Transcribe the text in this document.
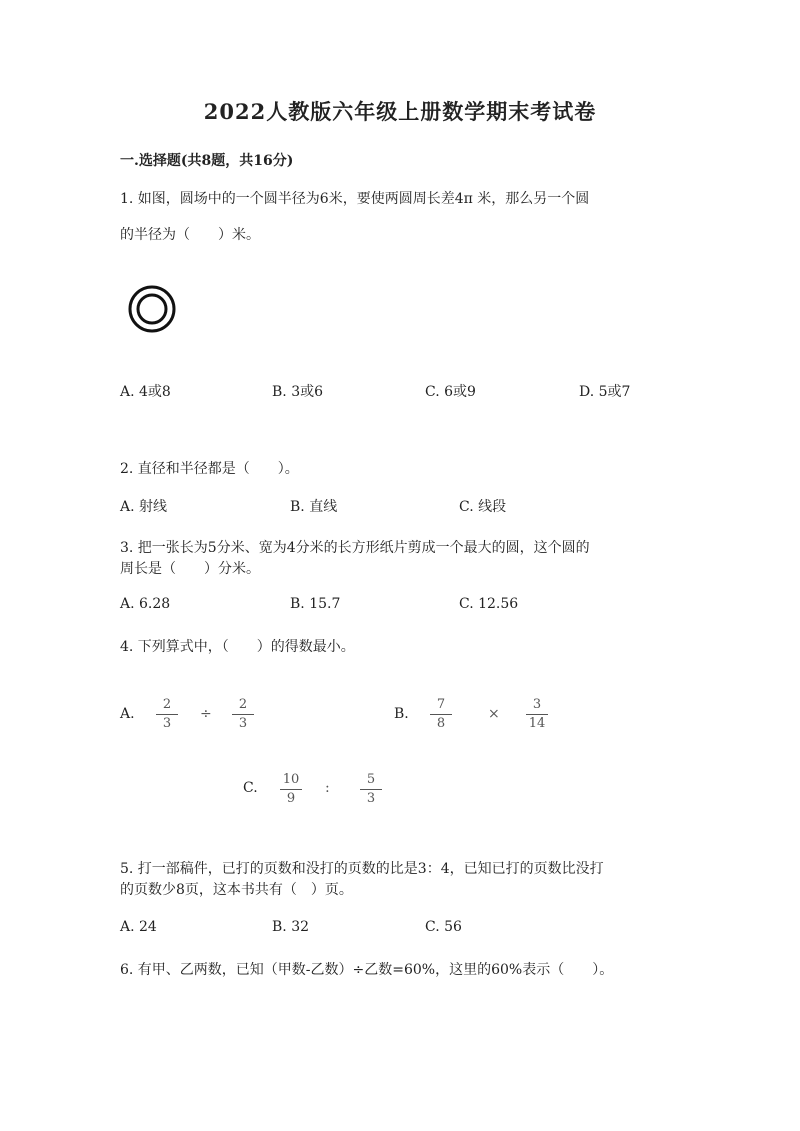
2022人教版六年级上册数学期末考试卷
一.选择题(共8题，共16分)
1. 如图，圆场中的一个圆半径为6米，要使两圆周长差4π 米，那么另一个圆
的半径为（　　）米。
A. 4或8	B. 3或6	C. 6或9	D. 5或7
2. 直径和半径都是（　　）。
A. 射线	B. 直线	C. 线段
3. 把一张长为5分米、宽为4分米的长方形纸片剪成一个最大的圆，这个圆的
周长是（　　）分米。
A. 6.28	B. 15.7	C. 12.56
4. 下列算式中，（　　）的得数最小。
A.
2
3
÷
2
3
B.
7
8
×
3
14
C.
10
9
:
5
3
5. 打一部稿件，已打的页数和没打的页数的比是3：4，已知已打的页数比没打
的页数少8页，这本书共有（　）页。
A. 24	B. 32	C. 56
6. 有甲、乙两数，已知（甲数-乙数）÷乙数=60%，这里的60%表示（　　）。
